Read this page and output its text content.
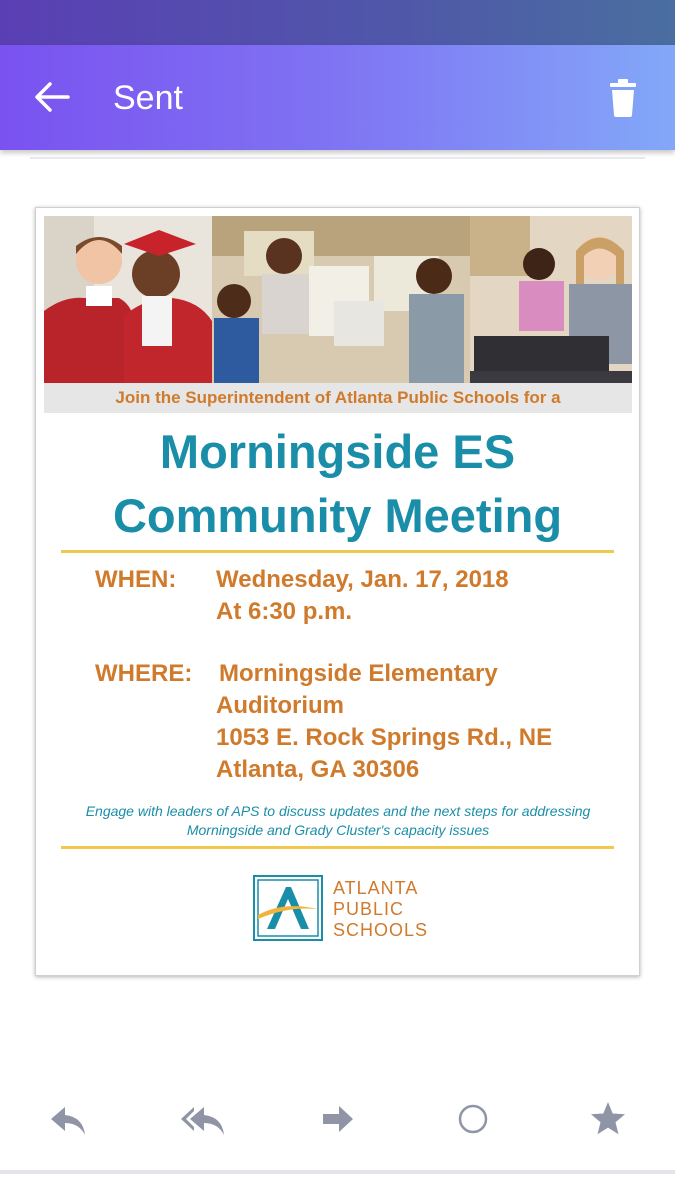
Sent
Join the Superintendent of Atlanta Public Schools for a
Morningside ES
Community Meeting
WHEN: Wednesday, Jan. 17, 2018
At 6:30 p.m.
WHERE: Morningside Elementary
Auditorium
1053 E. Rock Springs Rd., NE
Atlanta, GA 30306
Engage with leaders of APS to discuss updates and the next steps for addressing
Morningside and Grady Cluster's capacity issues
ATLANTA
PUBLIC
SCHOOLS
